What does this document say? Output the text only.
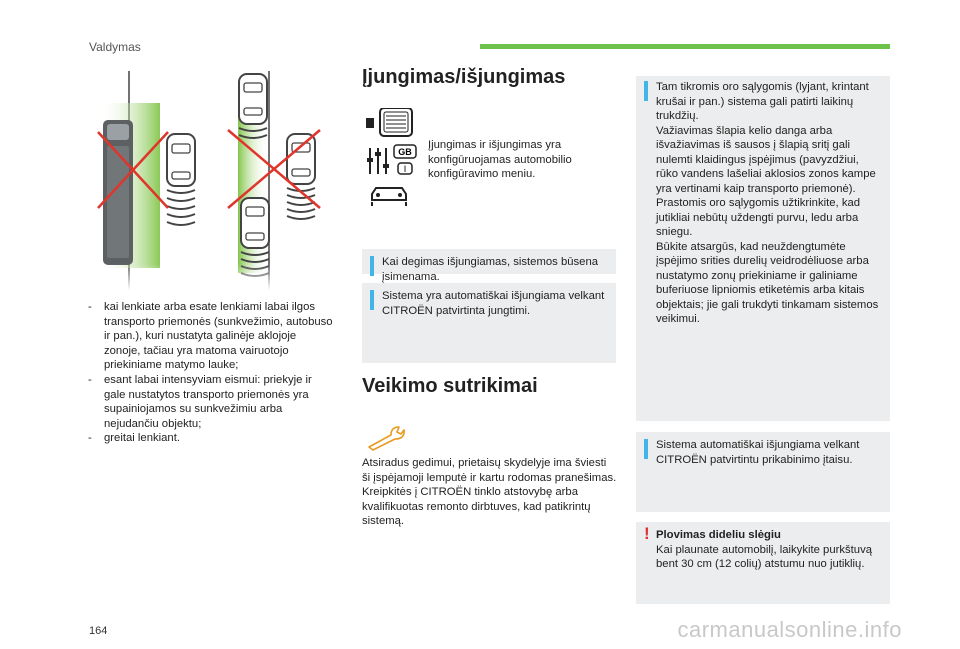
Valdymas
- kai lenkiate arba esate lenkiami labai ilgos transporto priemonės (sunkvežimio, autobuso ir pan.), kuri nustatyta galinėje aklojoje zonoje, tačiau yra matoma vairuotojo priekiniame matymo lauke;
- esant labai intensyviam eismui: priekyje ir gale nustatytos transporto priemonės yra supainiojamos su sunkvežimiu arba nejudančiu objektu;
- greitai lenkiant.
Įjungimas/išjungimas
GB
I
Įjungimas ir išjungimas yra konfigūruojamas automobilio konfigūravimo meniu.
Kai degimas išjungiamas, sistemos būsena įsimenama.
Sistema yra automatiškai išjungiama velkant CITROËN patvirtinta jungtimi.
Veikimo sutrikimai

Atsiradus gedimui, prietaisų skydelyje ima šviesti ši įspėjamoji lemputė ir kartu rodomas pranešimas.

Kreipkitės į CITROËN tinklo atstovybę arba kvalifikuotas remonto dirbtuves, kad patikrintų sistemą.

Tam tikromis oro sąlygomis (lyjant, krintant krušai ir pan.) sistema gali patirti laikinų trukdžių.

Važiavimas šlapia kelio danga arba išvažiavimas iš sausos į šlapią sritį gali nulemti klaidingus įspėjimus (pavyzdžiui, rūko vandens lašeliai aklosios zonos kampe yra vertinami kaip transporto priemonė).

Prastomis oro sąlygomis užtikrinkite, kad jutikliai nebūtų uždengti purvu, ledu arba sniegu.

Būkite atsargūs, kad neuždengtumėte įspėjimo srities durelių veidrodėliuose arba nustatymo zonų priekiniame ir galiniame buferiuose lipniomis etiketėmis arba kitais objektais; jie gali trukdyti tinkamam sistemos veikimui.

Sistema automatiškai išjungiama velkant CITROËN patvirtintu prikabinimo įtaisu.
! Plovimas dideliu slėgiu

Kai plaunate automobilį, laikykite purkštuvą bent 30 cm (12 colių) atstumu nuo jutiklių.

164	carmanualsonline.info
